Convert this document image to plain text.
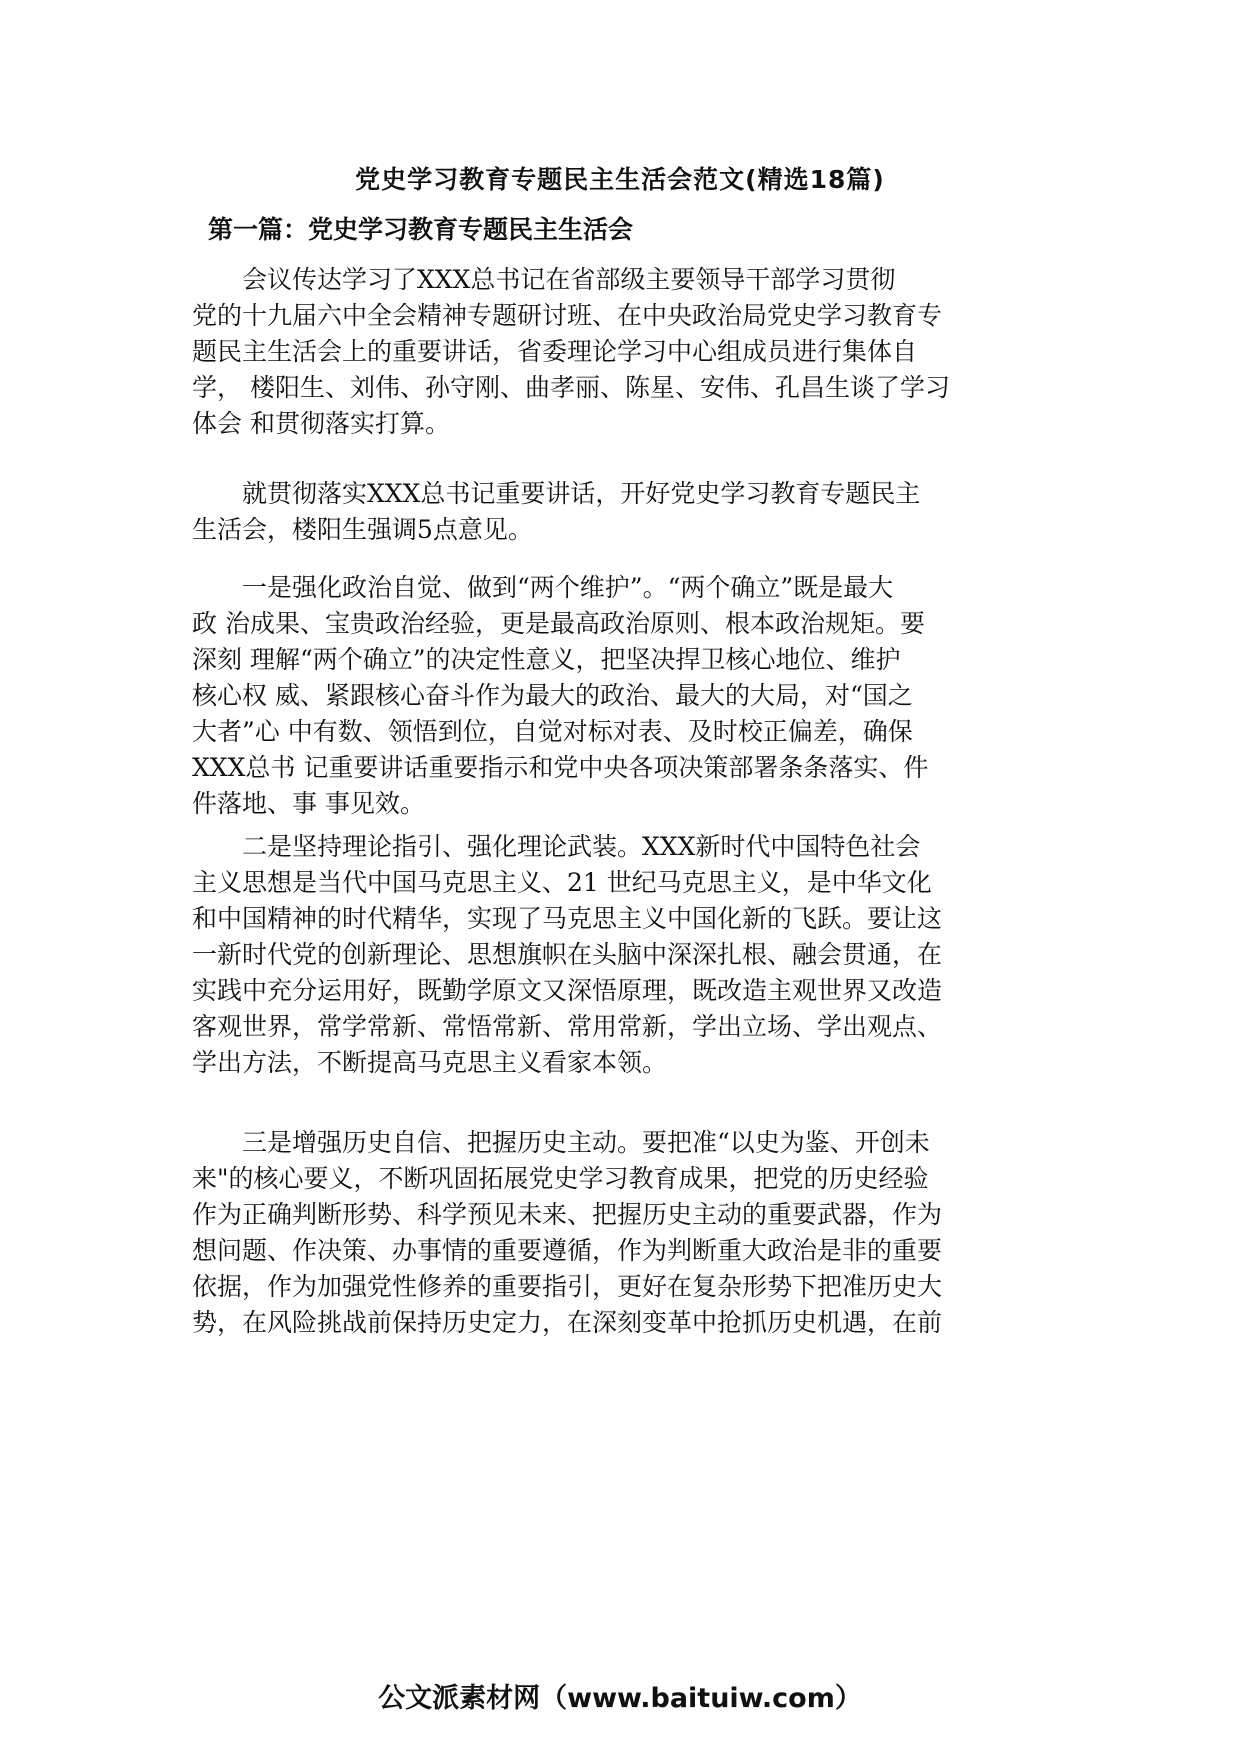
党史学习教育专题民主生活会范文(精选18篇)
第一篇：党史学习教育专题民主生活会

会议传达学习了XXX总书记在省部级主要领导干部学习贯彻
党的十九届六中全会精神专题研讨班、在中央政治局党史学习教育专
题民主生活会上的重要讲话，省委理论学习中心组成员进行集体自
学， 楼阳生、刘伟、孙守刚、曲孝丽、陈星、安伟、孔昌生谈了学习
体会 和贯彻落实打算。

就贯彻落实XXX总书记重要讲话，开好党史学习教育专题民主
生活会，楼阳生强调5点意见。

一是强化政治自觉、做到“两个维护”。“两个确立”既是最大
政 治成果、宝贵政治经验，更是最高政治原则、根本政治规矩。要
深刻 理解“两个确立”的决定性意义，把坚决捍卫核心地位、维护
核心权 威、紧跟核心奋斗作为最大的政治、最大的大局，对“国之
大者”心 中有数、领悟到位，自觉对标对表、及时校正偏差，确保
XXX总书 记重要讲话重要指示和党中央各项决策部署条条落实、件
件落地、事 事见效。

二是坚持理论指引、强化理论武装。XXX新时代中国特色社会
主义思想是当代中国马克思主义、21 世纪马克思主义，是中华文化
和中国精神的时代精华，实现了马克思主义中国化新的飞跃。要让这
一新时代党的创新理论、思想旗帜在头脑中深深扎根、融会贯通，在
实践中充分运用好，既勤学原文又深悟原理，既改造主观世界又改造
客观世界，常学常新、常悟常新、常用常新，学出立场、学出观点、
学出方法，不断提高马克思主义看家本领。

三是增强历史自信、把握历史主动。要把准“以史为鉴、开创未
来"的核心要义，不断巩固拓展党史学习教育成果，把党的历史经验
作为正确判断形势、科学预见未来、把握历史主动的重要武器，作为
想问题、作决策、办事情的重要遵循，作为判断重大政治是非的重要
依据，作为加强党性修养的重要指引，更好在复杂形势下把准历史大
势，在风险挑战前保持历史定力，在深刻变革中抢抓历史机遇，在前

公文派素材网（www.baituiw.com）
